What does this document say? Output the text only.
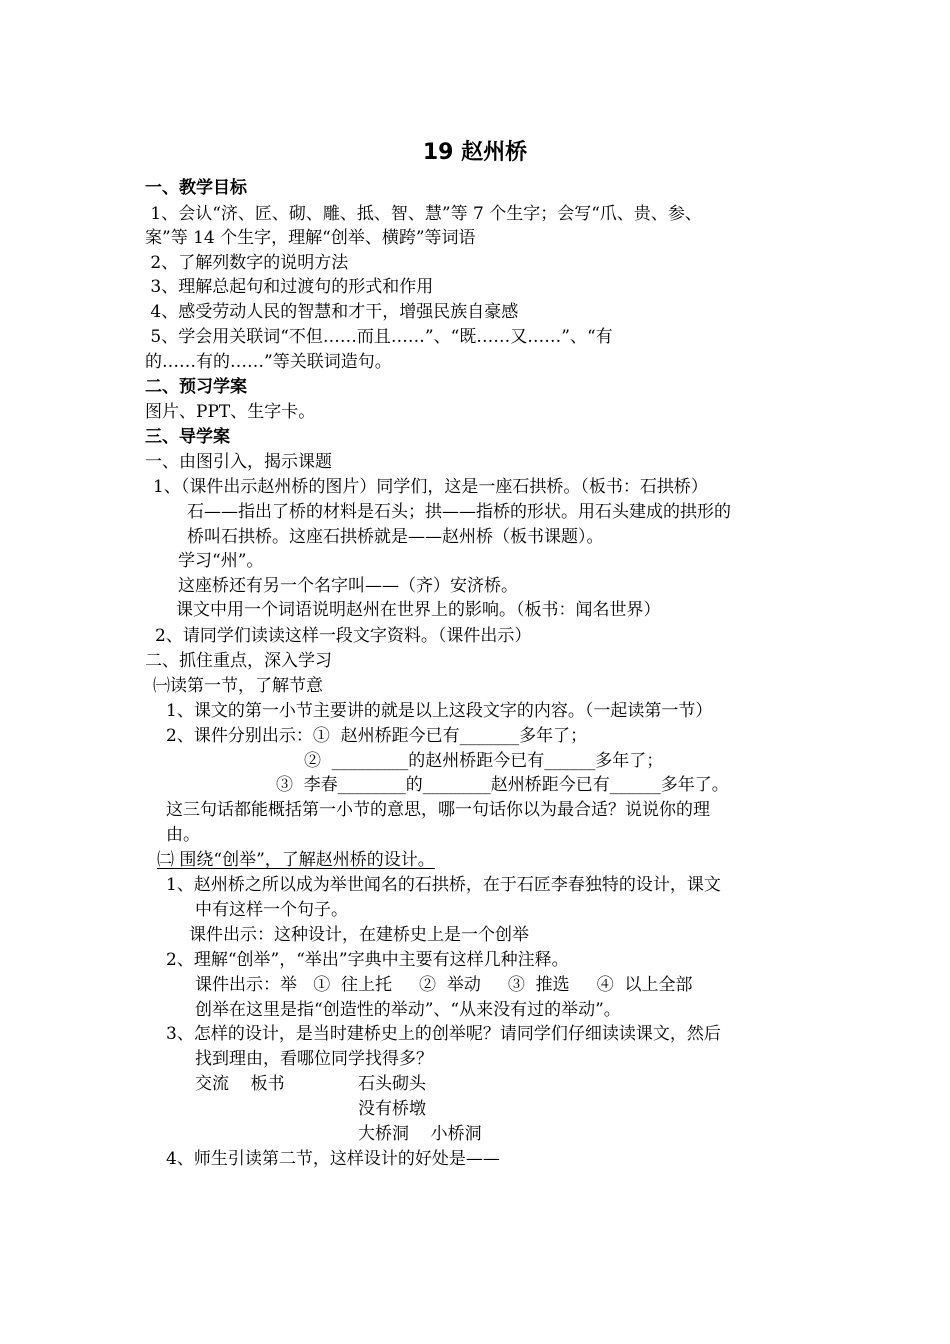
19 赵州桥
一、教学目标
1、会认“济、匠、砌、雕、抵、智、慧”等 7 个生字；会写“爪、贵、参、
案”等 14 个生字，理解“创举、横跨”等词语
2、了解列数字的说明方法
3、理解总起句和过渡句的形式和作用
4、感受劳动人民的智慧和才干，增强民族自豪感
5、学会用关联词“不但……而且……”、“既……又……”、“有
的……有的……”等关联词造句。
二、预习学案
图片、PPT、生字卡。
三、导学案
一、由图引入，揭示课题
1、（课件出示赵州桥的图片）同学们，这是一座石拱桥。（板书：石拱桥）
石——指出了桥的材料是石头；拱——指桥的形状。用石头建成的拱形的
桥叫石拱桥。这座石拱桥就是——赵州桥（板书课题）。
学习“州”。
这座桥还有另一个名字叫——（齐）安济桥。
课文中用一个词语说明赵州在世界上的影响。（板书：闻名世界）
2、请同学们读读这样一段文字资料。（课件出示）
二、抓住重点，深入学习
㈠读第一节，了解节意
1、课文的第一小节主要讲的就是以上这段文字的内容。（一起读第一节）
2、课件分别出示：①  赵州桥距今已有_______多年了；
②  _________的赵州桥距今已有______多年了；
③  李春________的________赵州桥距今已有______多年了。
这三句话都能概括第一小节的意思，哪一句话你以为最合适？说说你的理
由。
㈡ 围绕“创举”，了解赵州桥的设计。
1、赵州桥之所以成为举世闻名的石拱桥，在于石匠李春独特的设计，课文
中有这样一个句子。
课件出示：这种设计，在建桥史上是一个创举
2、理解“创举”，“举出”字典中主要有这样几种注释。
课件出示：举   ①  往上托     ②  举动     ③  推选     ④  以上全部
创举在这里是指“创造性的举动”、“从来没有过的举动”。
3、怎样的设计，是当时建桥史上的创举呢？请同学们仔细读读课文，然后
找到理由，看哪位同学找得多？
交流    板书	石头砌头
没有桥墩
大桥洞    小桥洞
4、师生引读第二节，这样设计的好处是——
